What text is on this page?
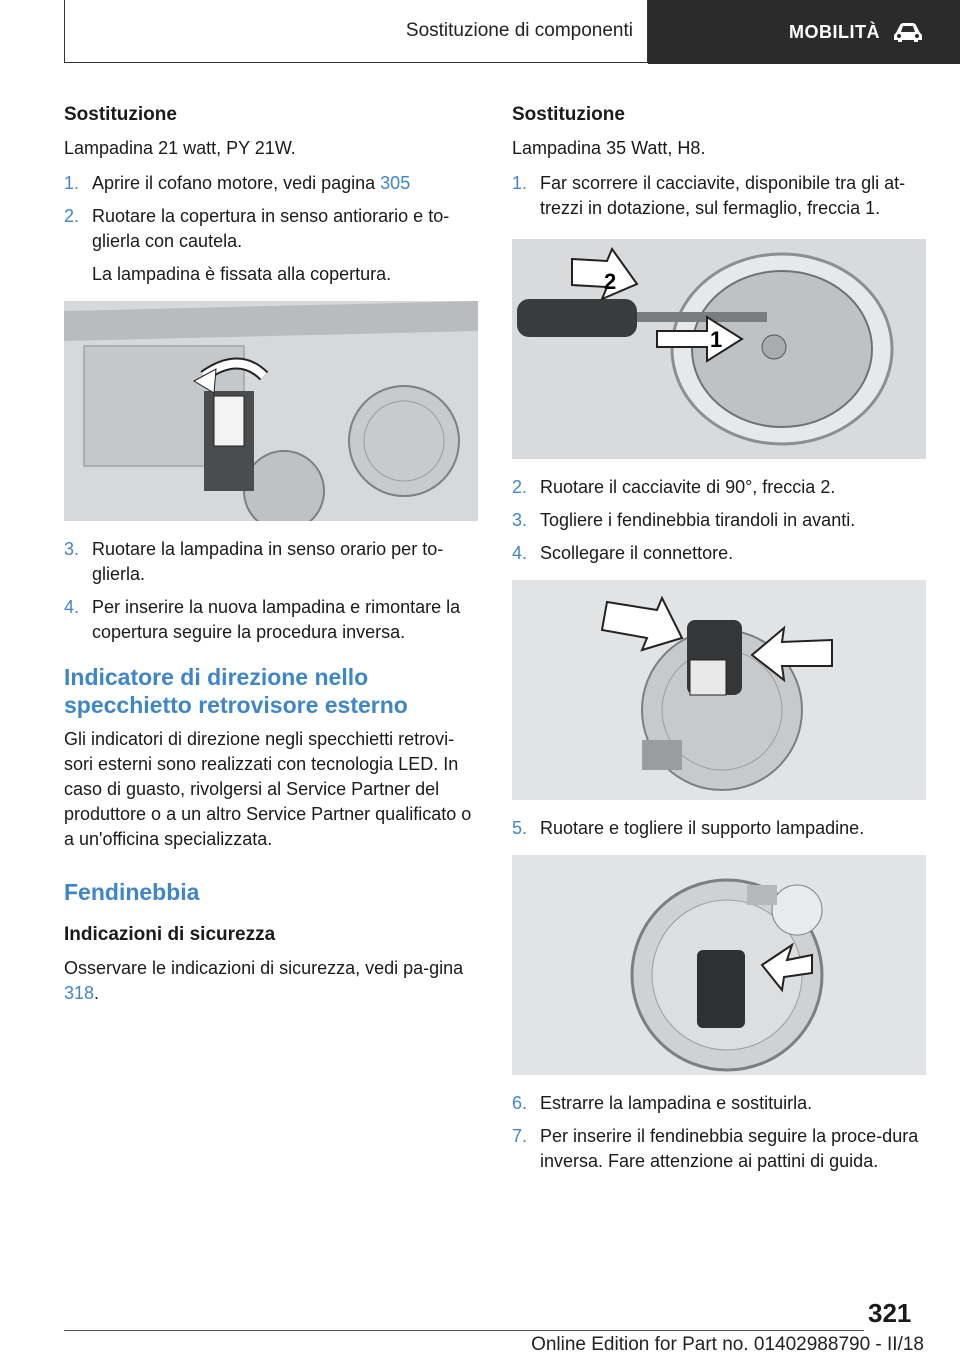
Sostituzione di componenti	MOBILITÀ
Sostituzione
Lampadina 21 watt, PY 21W.
1. Aprire il cofano motore, vedi pagina 305
2. Ruotare la copertura in senso antiorario e to-glierla con cautela.
La lampadina è fissata alla copertura.
3. Ruotare la lampadina in senso orario per to-glierla.
4. Per inserire la nuova lampadina e rimontare la copertura seguire la procedura inversa.
Indicatore di direzione nello specchietto retrovisore esterno
Gli indicatori di direzione negli specchietti retrovi-sori esterni sono realizzati con tecnologia LED. In caso di guasto, rivolgersi al Service Partner del produttore o a un altro Service Partner qualificato o a un'officina specializzata.
Fendinebbia
Indicazioni di sicurezza
Osservare le indicazioni di sicurezza, vedi pa-gina 318.
Sostituzione
Lampadina 35 Watt, H8.
1. Far scorrere il cacciavite, disponibile tra gli at-trezzi in dotazione, sul fermaglio, freccia 1.
2
1
2. Ruotare il cacciavite di 90°, freccia 2.
3. Togliere i fendinebbia tirandoli in avanti.
4. Scollegare il connettore.
5. Ruotare e togliere il supporto lampadine.
6. Estrarre la lampadina e sostituirla.
7. Per inserire il fendinebbia seguire la proce-dura inversa. Fare attenzione ai pattini di guida.
321
Online Edition for Part no. 01402988790 - II/18
